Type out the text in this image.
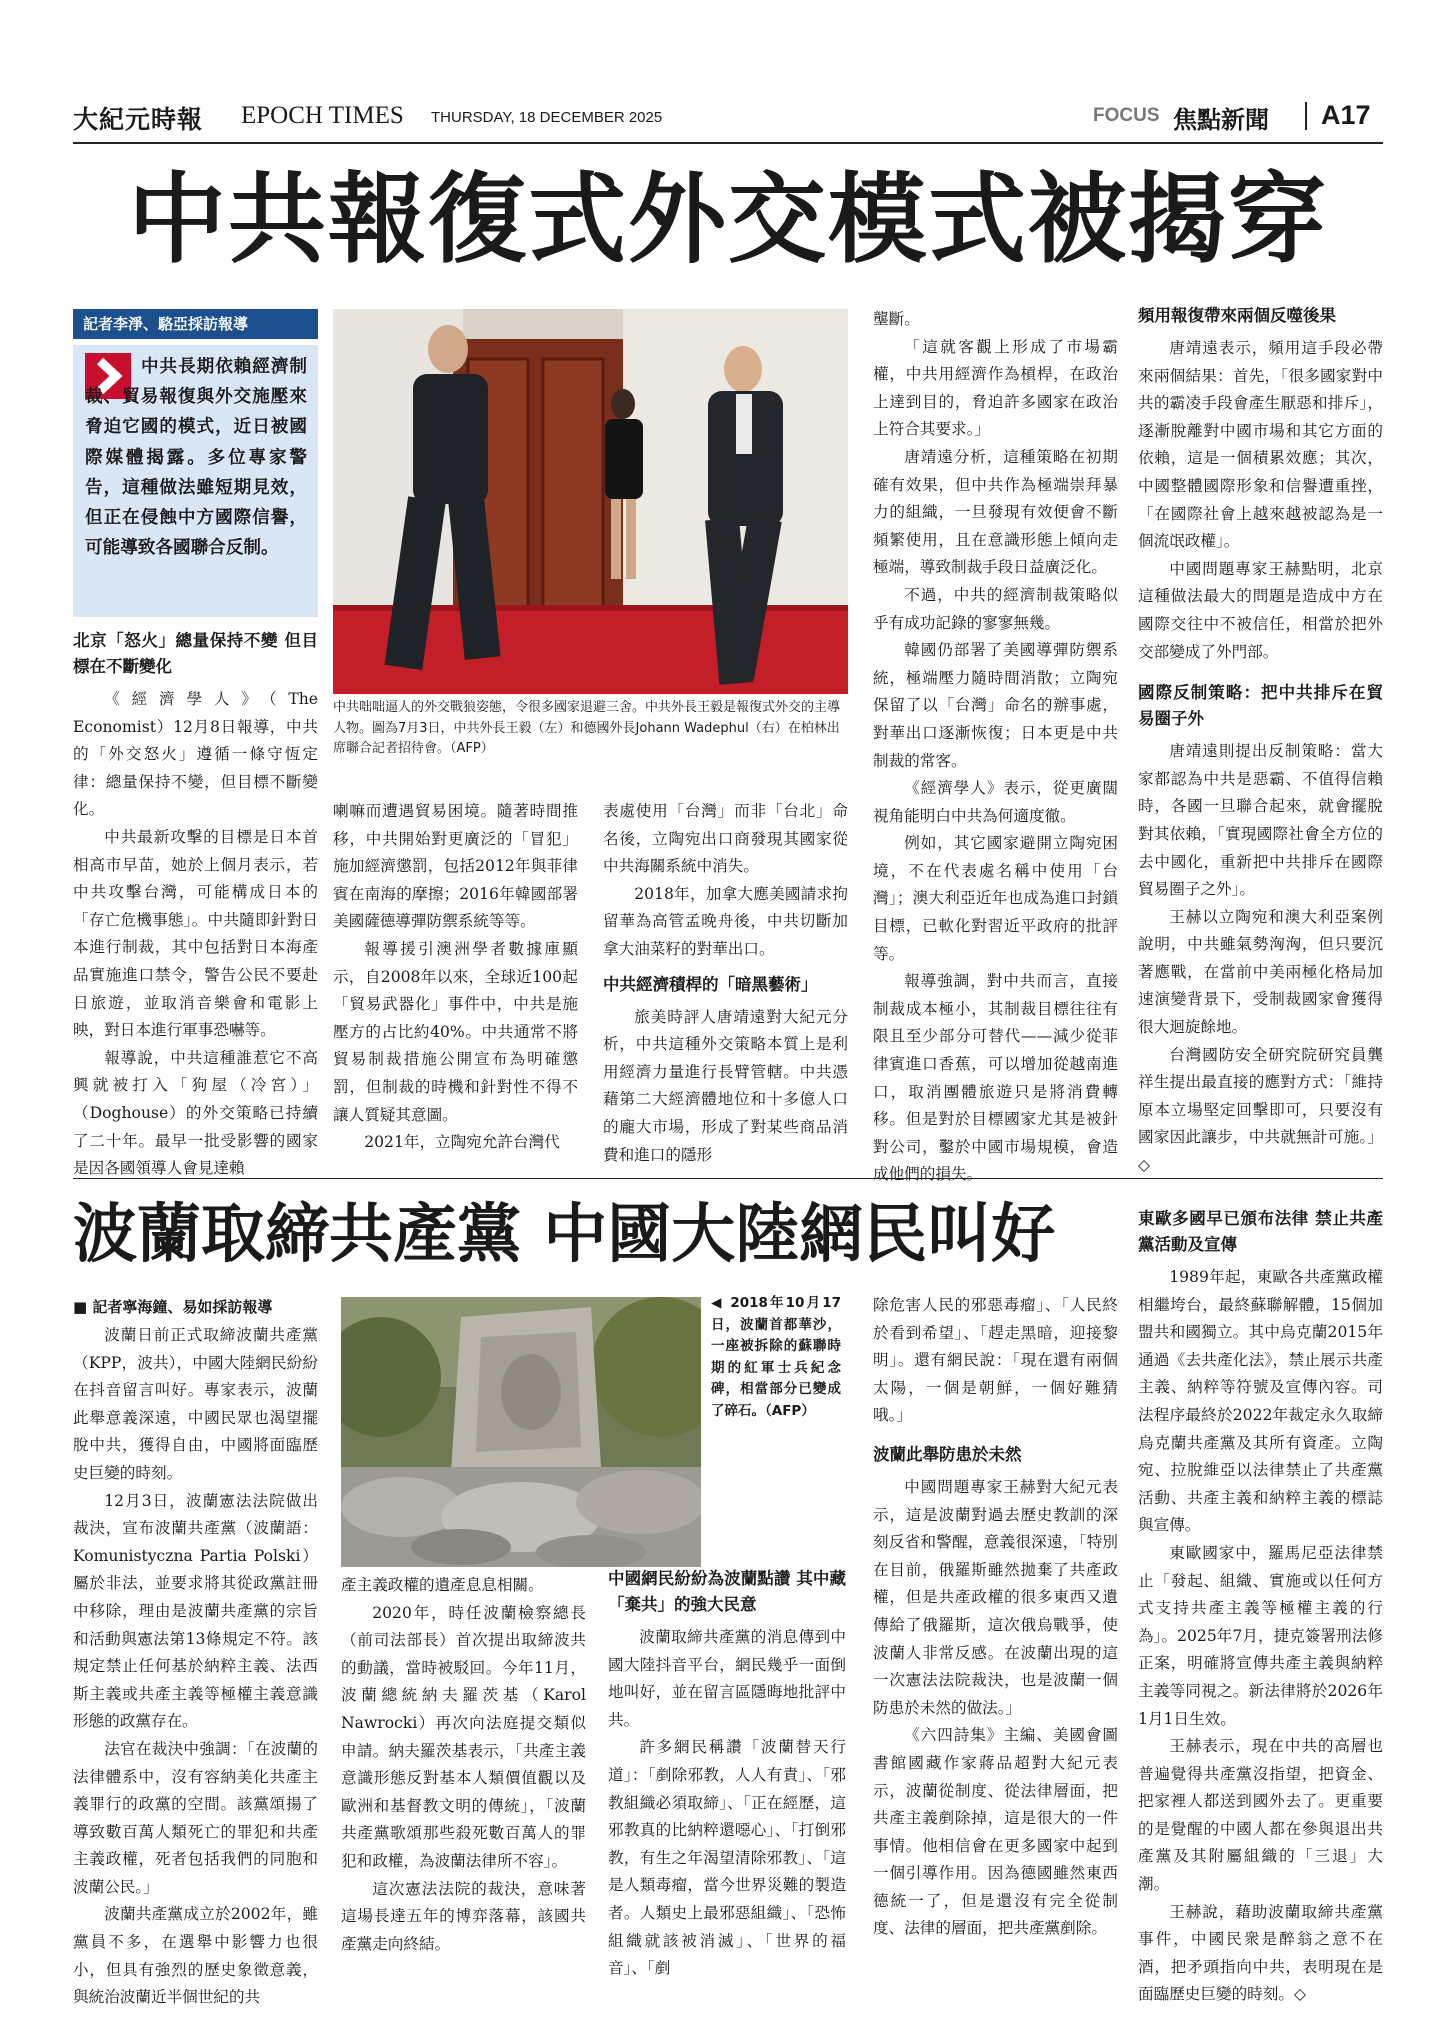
大紀元時報 EPOCH TIMES THURSDAY, 18 DECEMBER 2025	FOCUS 焦點新聞 A17
中共報復式外交模式被揭穿
記者李淨、駱亞採訪報導
中共長期依賴經濟制裁、貿易報復與外交施壓來脅迫它國的模式，近日被國際媒體揭露。多位專家警告，這種做法雖短期見效，但正在侵蝕中方國際信譽，可能導致各國聯合反制。
中共咄咄逼人的外交戰狼姿態，令很多國家退避三舍。中共外長王毅是報復式外交的主導人物。圖為7月3日，中共外長王毅（左）和德國外長Johann Wadephul（右）在柏林出席聯合記者招待會。（AFP）
北京「怒火」總量保持不變 但目標在不斷變化

《經濟學人》（The Economist）12月8日報導，中共的「外交怒火」遵循一條守恆定律：總量保持不變，但目標不斷變化。

中共最新攻擊的目標是日本首相高市早苗，她於上個月表示，若中共攻擊台灣，可能構成日本的「存亡危機事態」。中共隨即針對日本進行制裁，其中包括對日本海產品實施進口禁令，警告公民不要赴日旅遊，並取消音樂會和電影上映，對日本進行軍事恐嚇等。

報導說，中共這種誰惹它不高興就被打入「狗屋（冷宮）」（Doghouse）的外交策略已持續了二十年。最早一批受影響的國家是因各國領導人會見達賴

喇嘛而遭遇貿易困境。隨著時間推移，中共開始對更廣泛的「冒犯」施加經濟懲罰，包括2012年與菲律賓在南海的摩擦；2016年韓國部署美國薩德導彈防禦系統等等。

報導援引澳洲學者數據庫顯示，自2008年以來，全球近100起「貿易武器化」事件中，中共是施壓方的占比約40%。中共通常不將貿易制裁措施公開宣布為明確懲罰，但制裁的時機和針對性不得不讓人質疑其意圖。

2021年，立陶宛允許台灣代

表處使用「台灣」而非「台北」命名後，立陶宛出口商發現其國家從中共海關系統中消失。

2018年，加拿大應美國請求拘留華為高管孟晚舟後，中共切斷加拿大油菜籽的對華出口。

中共經濟積桿的「暗黑藝術」

旅美時評人唐靖遠對大紀元分析，中共這種外交策略本質上是利用經濟力量進行長臂管轄。中共憑藉第二大經濟體地位和十多億人口的龐大市場，形成了對某些商品消費和進口的隱形

壟斷。

「這就客觀上形成了市場霸權，中共用經濟作為槓桿，在政治上達到目的，脅迫許多國家在政治上符合其要求。」

唐靖遠分析，這種策略在初期確有效果，但中共作為極端崇拜暴力的組織，一旦發現有效便會不斷頻繁使用，且在意識形態上傾向走極端，導致制裁手段日益廣泛化。

不過，中共的經濟制裁策略似乎有成功記錄的寥寥無幾。

韓國仍部署了美國導彈防禦系統，極端壓力隨時間消散；立陶宛保留了以「台灣」命名的辦事處，對華出口逐漸恢復；日本更是中共制裁的常客。

《經濟學人》表示，從更廣闊視角能明白中共為何適度徹。

例如，其它國家避開立陶宛困境，不在代表處名稱中使用「台灣」；澳大利亞近年也成為進口封鎖目標，已軟化對習近平政府的批評等。

報導強調，對中共而言，直接制裁成本極小，其制裁目標往往有限且至少部分可替代——減少從菲律賓進口香蕉，可以增加從越南進口，取消團體旅遊只是將消費轉移。但是對於目標國家尤其是被針對公司，鑿於中國市場規模，會造成他們的損失。

頻用報復帶來兩個反噬後果

唐靖遠表示，頻用這手段必帶來兩個結果：首先，「很多國家對中共的霸凌手段會產生厭惡和排斥」，逐漸脫離對中國市場和其它方面的依賴，這是一個積累效應；其次，中國整體國際形象和信譽遭重挫，「在國際社會上越來越被認為是一個流氓政權」。

中國問題專家王赫點明，北京這種做法最大的問題是造成中方在國際交往中不被信任，相當於把外交部變成了外門部。

國際反制策略：把中共排斥在貿易圈子外

唐靖遠則提出反制策略：當大家都認為中共是惡霸、不值得信賴時，各國一旦聯合起來，就會擺脫對其依賴，「實現國際社會全方位的去中國化，重新把中共排斥在國際貿易圈子之外」。

王赫以立陶宛和澳大利亞案例說明，中共雖氣勢洶洶，但只要沉著應戰，在當前中美兩極化格局加速演變背景下，受制裁國家會獲得很大迴旋餘地。

台灣國防安全研究院研究員龔祥生提出最直接的應對方式：「維持原本立場堅定回擊即可，只要沒有國家因此讓步，中共就無計可施。」◇

波蘭取締共產黨 中國大陸網民叫好
■ 記者寧海鐘、易如採訪報導

波蘭日前正式取締波蘭共產黨（KPP，波共），中國大陸網民紛紛在抖音留言叫好。專家表示，波蘭此舉意義深遠，中國民眾也渴望擺脫中共，獲得自由，中國將面臨歷史巨變的時刻。

12月3日，波蘭憲法法院做出裁決，宣布波蘭共產黨（波蘭語：Komunistyczna Partia Polski）屬於非法，並要求將其從政黨註冊中移除，理由是波蘭共產黨的宗旨和活動與憲法第13條規定不符。該規定禁止任何基於納粹主義、法西斯主義或共產主義等極權主義意識形態的政黨存在。

法官在裁決中強調：「在波蘭的法律體系中，沒有容納美化共產主義罪行的政黨的空間。該黨頌揚了導致數百萬人類死亡的罪犯和共產主義政權，死者包括我們的同胞和波蘭公民。」

波蘭共產黨成立於2002年，雖黨員不多，在選舉中影響力也很小，但具有強烈的歷史象徵意義，與統治波蘭近半個世紀的共

◀ 2018年10月17日，波蘭首都華沙，一座被拆除的蘇聯時期的紅軍士兵紀念碑，相當部分已變成了碎石。（AFP）

產主義政權的遺產息息相關。

2020年，時任波蘭檢察總長（前司法部長）首次提出取締波共的動議，當時被駁回。今年11月，波蘭總統納夫羅茨基（Karol Nawrocki）再次向法庭提交類似申請。納夫羅茨基表示，「共產主義意識形態反對基本人類價值觀以及歐洲和基督教文明的傳統」，「波蘭共產黨歌頌那些殺死數百萬人的罪犯和政權，為波蘭法律所不容」。

這次憲法法院的裁決，意味著這場長達五年的博弈落幕，該國共產黨走向終結。

中國網民紛紛為波蘭點讚 其中藏「棄共」的強大民意

波蘭取締共產黨的消息傳到中國大陸抖音平台，網民幾乎一面倒地叫好，並在留言區隱晦地批評中共。

許多網民稱讚「波蘭替天行道」：「剷除邪教，人人有責」、「邪教組織必須取締」、「正在經歷，這邪教真的比納粹還噁心」、「打倒邪教，有生之年渴望清除邪教」、「這是人類毒瘤，當今世界災難的製造者。人類史上最邪惡組織」、「恐怖組織就該被消滅」、「世界的福音」、「剷

除危害人民的邪惡毒瘤」、「人民終於看到希望」、「趕走黑暗，迎接黎明」。還有網民說：「現在還有兩個太陽，一個是朝鮮，一個好難猜哦。」

波蘭此舉防患於未然

中國問題專家王赫對大紀元表示，這是波蘭對過去歷史教訓的深刻反省和警醒，意義很深遠，「特別在目前，俄羅斯雖然拋棄了共產政權，但是共產政權的很多東西又遺傳給了俄羅斯，這次俄烏戰爭，使波蘭人非常反感。在波蘭出現的這一次憲法法院裁決，也是波蘭一個防患於未然的做法。」

《六四詩集》主編、美國會圖書館國藏作家蔣品超對大紀元表示，波蘭從制度、從法律層面，把共產主義剷除掉，這是很大的一件事情。他相信會在更多國家中起到一個引導作用。因為德國雖然東西德統一了，但是還沒有完全從制度、法律的層面，把共產黨剷除。

東歐多國早已頒布法律 禁止共產黨活動及宣傳

1989年起，東歐各共產黨政權相繼垮台，最終蘇聯解體，15個加盟共和國獨立。其中烏克蘭2015年通過《去共產化法》，禁止展示共產主義、納粹等符號及宣傳內容。司法程序最終於2022年裁定永久取締烏克蘭共產黨及其所有資產。立陶宛、拉脫維亞以法律禁止了共產黨活動、共產主義和納粹主義的標誌與宣傳。

東歐國家中，羅馬尼亞法律禁止「發起、組織、實施或以任何方式支持共產主義等極權主義的行為」。2025年7月，捷克簽署刑法修正案，明確將宣傳共產主義與納粹主義等同視之。新法律將於2026年1月1日生效。

王赫表示，現在中共的高層也普遍覺得共產黨沒指望，把資金、把家裡人都送到國外去了。更重要的是覺醒的中國人都在參與退出共產黨及其附屬組織的「三退」大潮。

王赫說，藉助波蘭取締共產黨事件，中國民衆是醉翁之意不在酒，把矛頭指向中共，表明現在是面臨歷史巨變的時刻。◇
